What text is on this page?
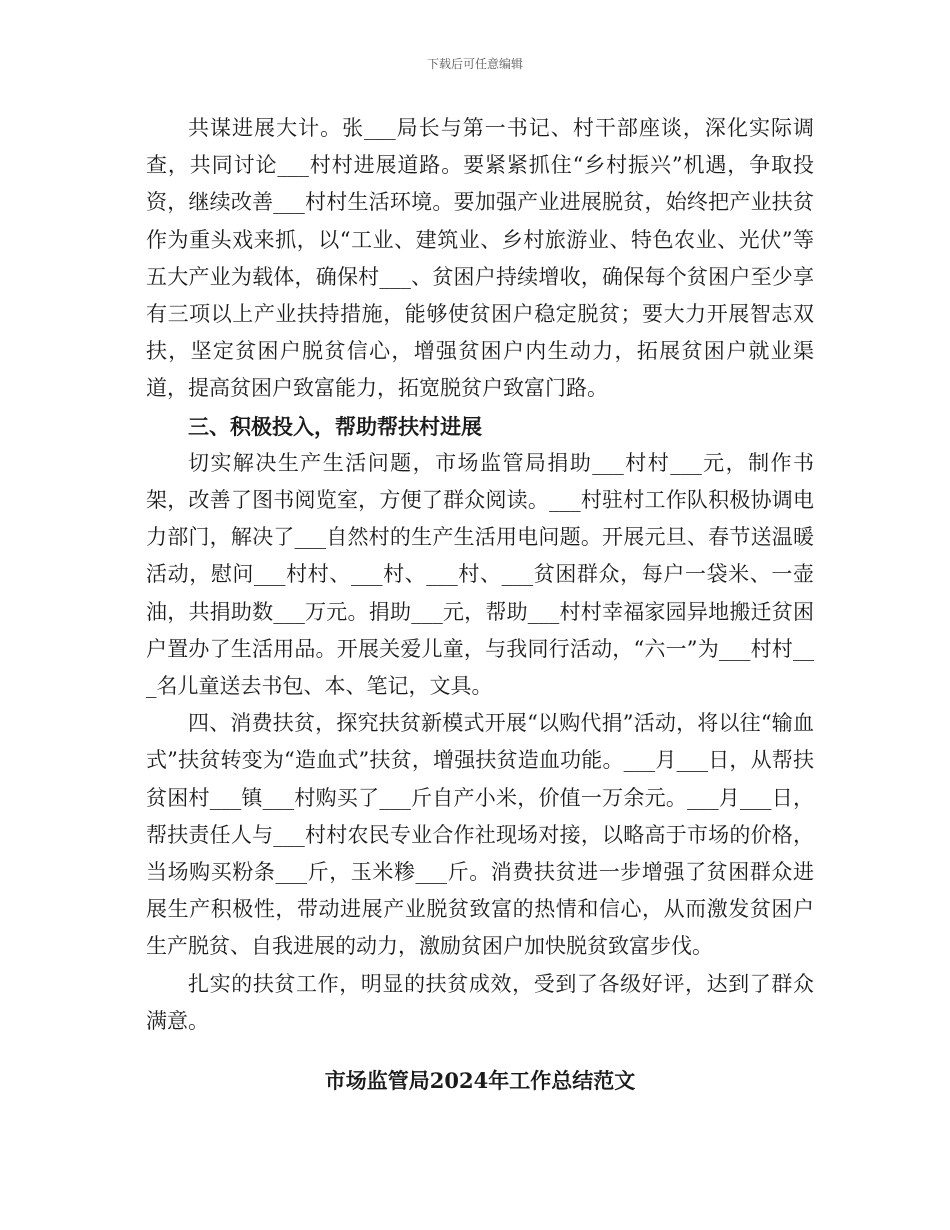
下载后可任意编辑

共谋进展大计。张___局长与第一书记、村干部座谈，深化实际调查，共同讨论___村村进展道路。要紧紧抓住“乡村振兴”机遇，争取投资，继续改善___村村生活环境。要加强产业进展脱贫，始终把产业扶贫作为重头戏来抓，以“工业、建筑业、乡村旅游业、特色农业、光伏”等五大产业为载体，确保村___、贫困户持续增收，确保每个贫困户至少享有三项以上产业扶持措施，能够使贫困户稳定脱贫；要大力开展智志双扶，坚定贫困户脱贫信心，增强贫困户内生动力，拓展贫困户就业渠道，提高贫困户致富能力，拓宽脱贫户致富门路。

三、积极投入，帮助帮扶村进展

切实解决生产生活问题，市场监管局捐助___村村___元，制作书架，改善了图书阅览室，方便了群众阅读。___村驻村工作队积极协调电力部门，解决了___自然村的生产生活用电问题。开展元旦、春节送温暖活动，慰问___村村、___村、___村、___贫困群众，每户一袋米、一壶油，共捐助数___万元。捐助___元，帮助___村村幸福家园异地搬迁贫困户置办了生活用品。开展关爱儿童，与我同行活动，“六一”为___村村___名儿童送去书包、本、笔记，文具。

四、消费扶贫，探究扶贫新模式开展“以购代捐”活动，将以往“输血式”扶贫转变为“造血式”扶贫，增强扶贫造血功能。___月___日，从帮扶贫困村___镇___村购买了___斤自产小米，价值一万余元。___月___日，帮扶责任人与___村村农民专业合作社现场对接，以略高于市场的价格，当场购买粉条___斤，玉米糁___斤。消费扶贫进一步增强了贫困群众进展生产积极性，带动进展产业脱贫致富的热情和信心，从而激发贫困户生产脱贫、自我进展的动力，激励贫困户加快脱贫致富步伐。

扎实的扶贫工作，明显的扶贫成效，受到了各级好评，达到了群众满意。

市场监管局2024年工作总结范文
